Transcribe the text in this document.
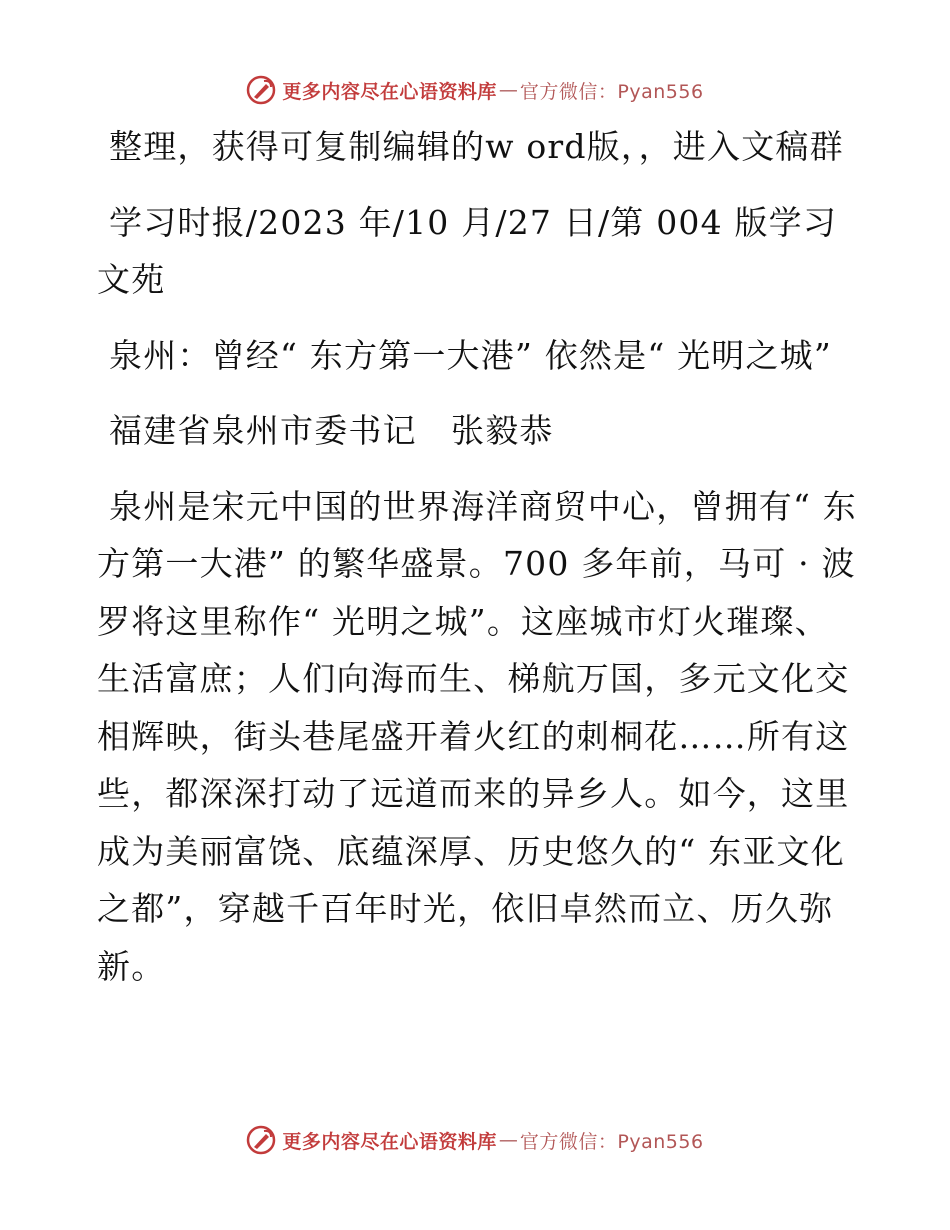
更多内容尽在心语资料库 — 官方微信：Pyan556

整理，获得可复制编辑的w ord版，，进入文稿群

学习时报/2023 年/10 月/27 日/第 004 版学习文苑

泉州：曾经“ 东方第一大港” 依然是“ 光明之城”

福建省泉州市委书记　张毅恭

泉州是宋元中国的世界海洋商贸中心，曾拥有“ 东方第一大港” 的繁华盛景。700 多年前，马可 · 波罗将这里称作“ 光明之城”。这座城市灯火璀璨、生活富庶；人们向海而生、梯航万国，多元文化交相辉映，街头巷尾盛开着火红的刺桐花……所有这些，都深深打动了远道而来的异乡人。如今，这里成为美丽富饶、底蕴深厚、历史悠久的“ 东亚文化之都”，穿越千百年时光，依旧卓然而立、历久弥新。

更多内容尽在心语资料库 — 官方微信：Pyan556
